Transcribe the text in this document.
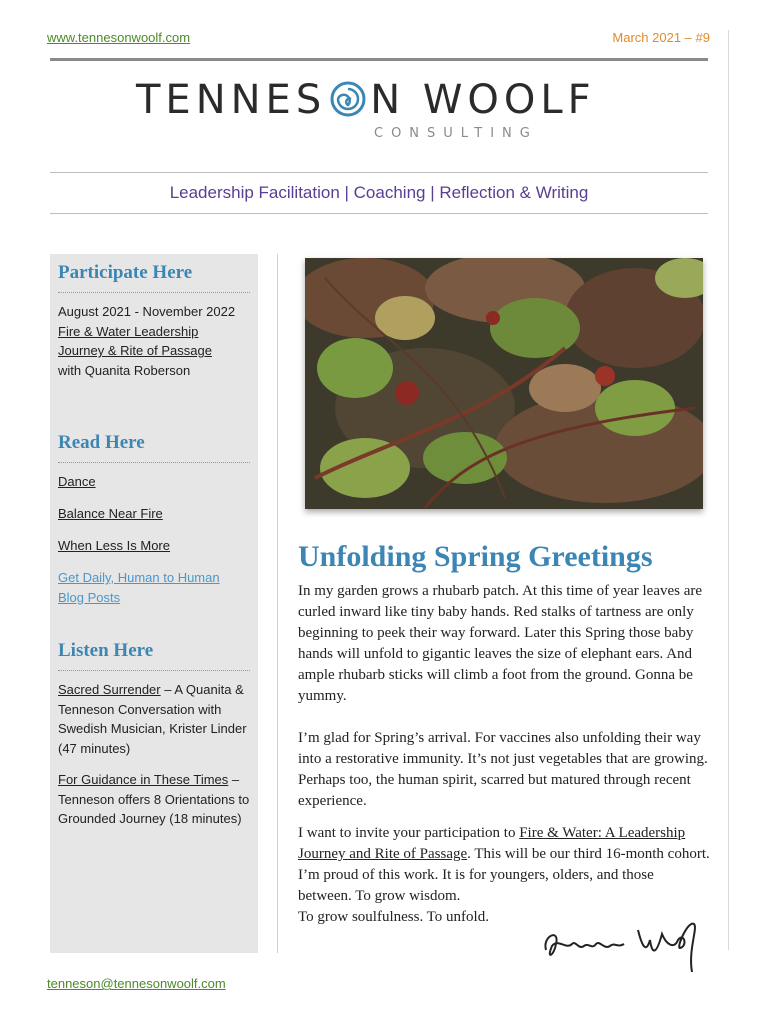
www.tennesonwoolf.com	March 2021 – #9
TENNES N WOOLF
CONSULTING
Leadership Facilitation | Coaching | Reflection & Writing
Participate Here
August 2021 - November 2022
Fire & Water Leadership
Journey & Rite of Passage
with Quanita Roberson
Read Here
Dance
Balance Near Fire
When Less Is More
Get Daily, Human to Human
Blog Posts
Listen Here
Sacred Surrender – A Quanita & Tenneson Conversation with Swedish Musician, Krister Linder (47 minutes)
For Guidance in These Times – Tenneson offers 8 Orientations to Grounded Journey (18 minutes)
Unfolding Spring Greetings
In my garden grows a rhubarb patch. At this time of year leaves are curled inward like tiny baby hands. Red stalks of tartness are only beginning to peek their way forward. Later this Spring those baby hands will unfold to gigantic leaves the size of elephant ears. And ample rhubarb sticks will climb a foot from the ground. Gonna be yummy.
I’m glad for Spring’s arrival. For vaccines also unfolding their way into a restorative immunity. It’s not just vegetables that are growing. Perhaps too, the human spirit, scarred but matured through recent experience.
I want to invite your participation to Fire & Water: A Leadership Journey and Rite of Passage. This will be our third 16-month cohort. I’m proud of this work. It is for youngers, olders, and those between. To grow wisdom.
To grow soulfulness. To unfold.
tenneson@tennesonwoolf.com
